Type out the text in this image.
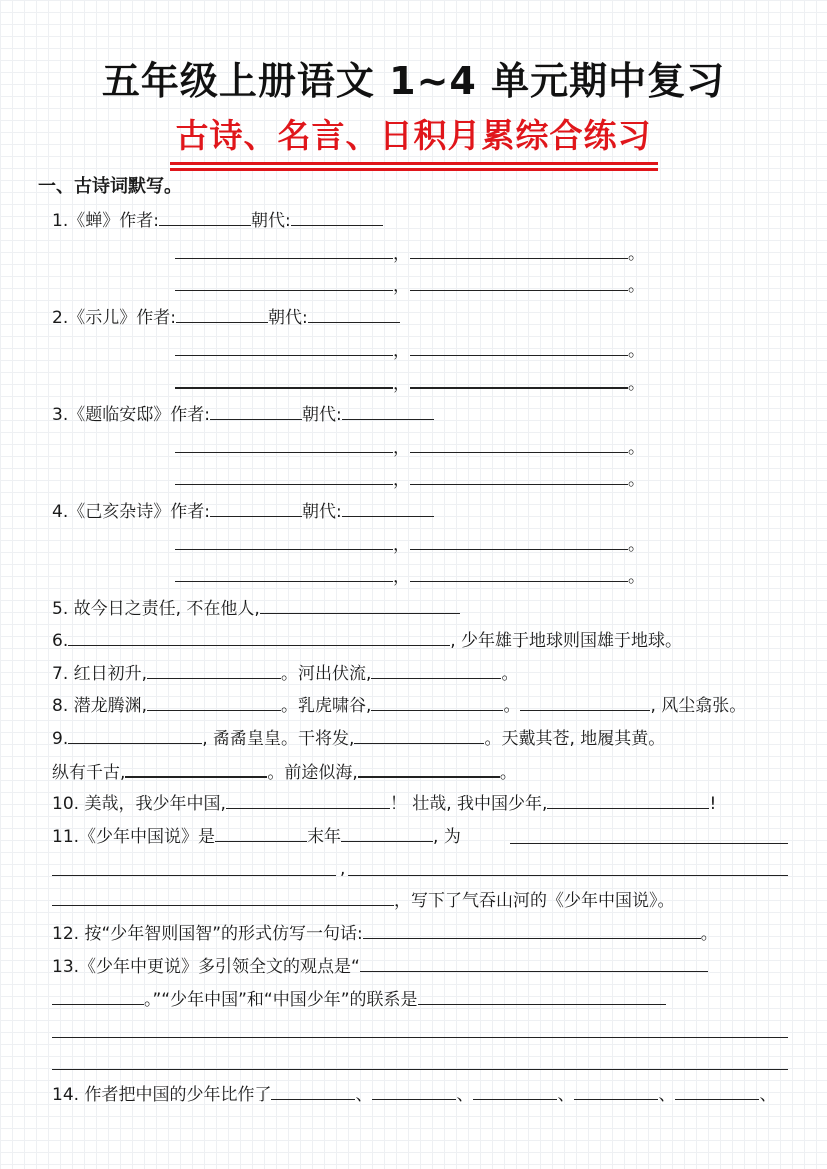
五年级上册语文 1~4 单元期中复习
古诗、名言、日积月累综合练习
一、古诗词默写。
1.《蝉》作者:	朝代:
，	。
，	。
2.《示儿》作者:	朝代:
，	。
，	。
3.《题临安邸》作者:	朝代:
，	。
，	。
4.《己亥杂诗》作者:	朝代:
，	。
，	。
5. 故今日之责任, 不在他人,
6.	, 少年雄于地球则国雄于地球。
7. 红日初升,	。河出伏流,	。
8. 潜龙腾渊,	。乳虎啸谷,	。	, 风尘翕张。
9.	, 矞矞皇皇。干将发,	。天戴其苍, 地履其黄。
纵有千古,	。前途似海,	。
10. 美哉，我少年中国,	！ 壮哉, 我中国少年,	!
11.《少年中国说》是	末年	, 为
,
，写下了气吞山河的《少年中国说》。
12. 按“少年智则国智”的形式仿写一句话:	。
13.《少年中更说》多引领全文的观点是“
。”“少年中国”和“中国少年”的联系是
14. 作者把中国的少年比作了	、	、	、	、	、
